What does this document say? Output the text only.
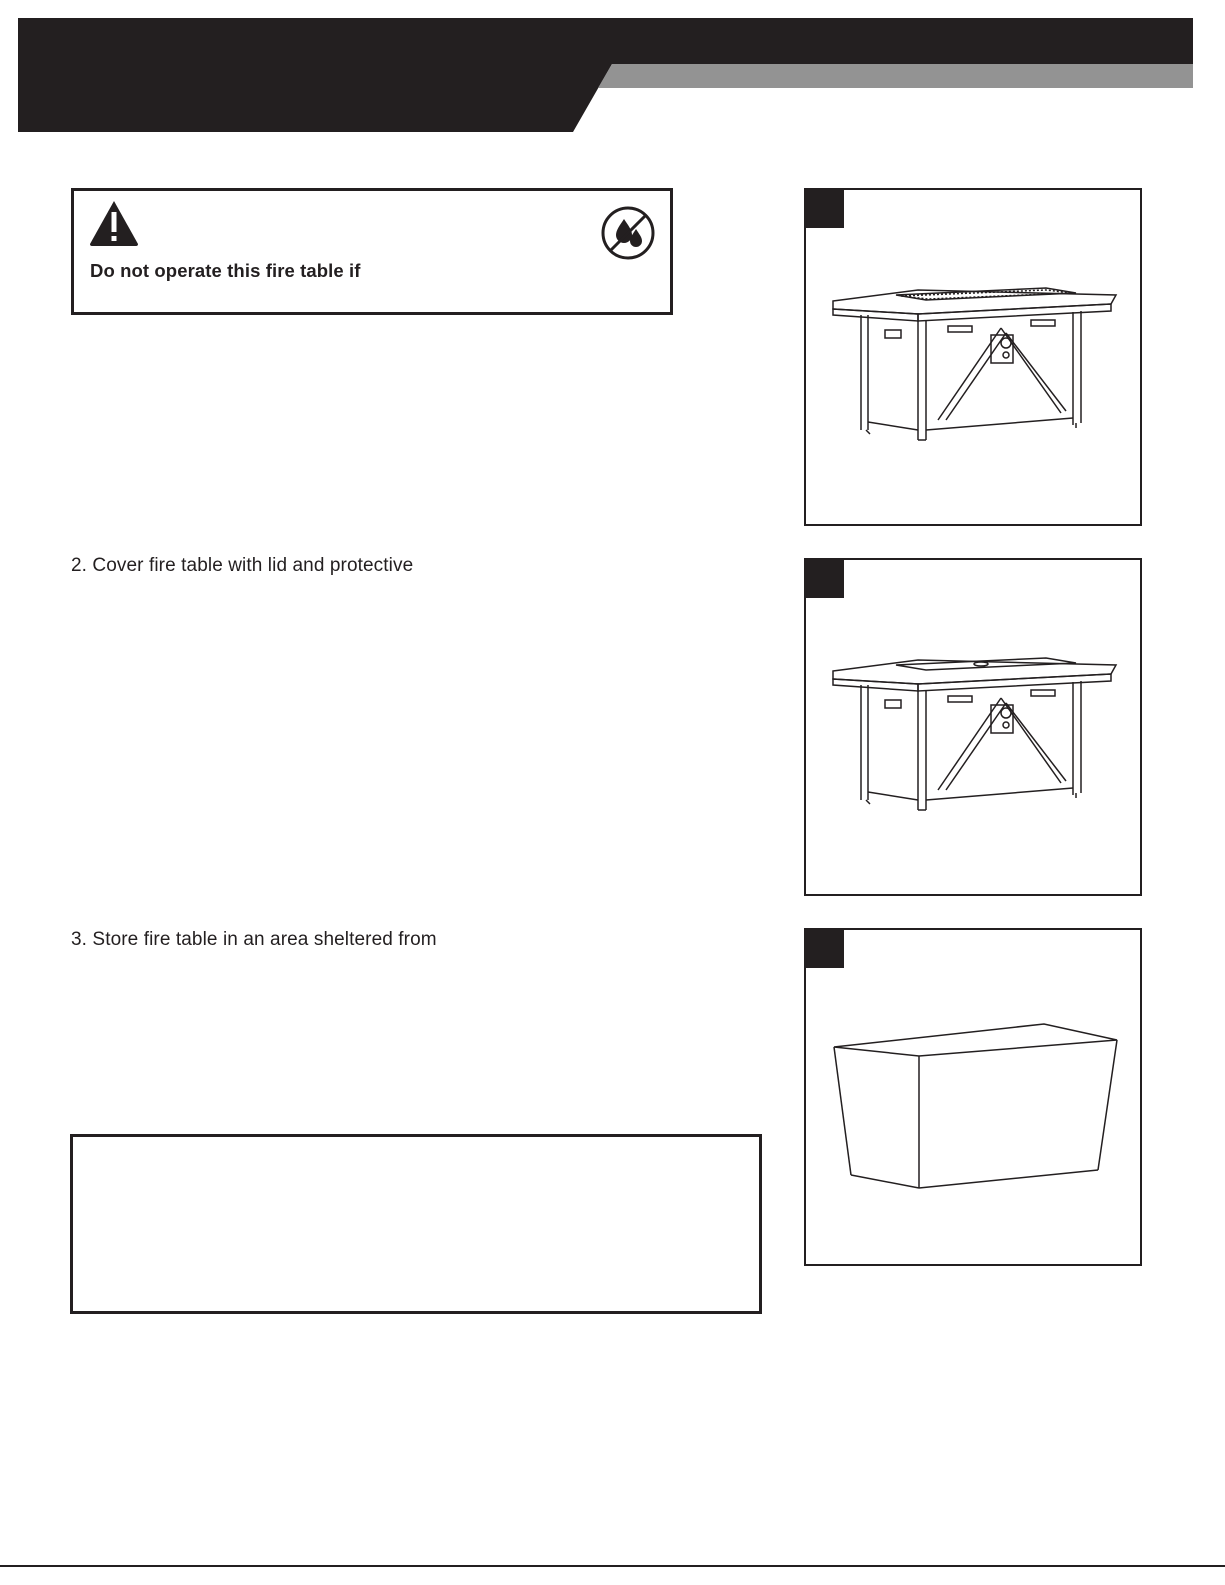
Do not operate this fire table if
2. Cover fire table with lid and protective
3. Store fire table in an area sheltered from
